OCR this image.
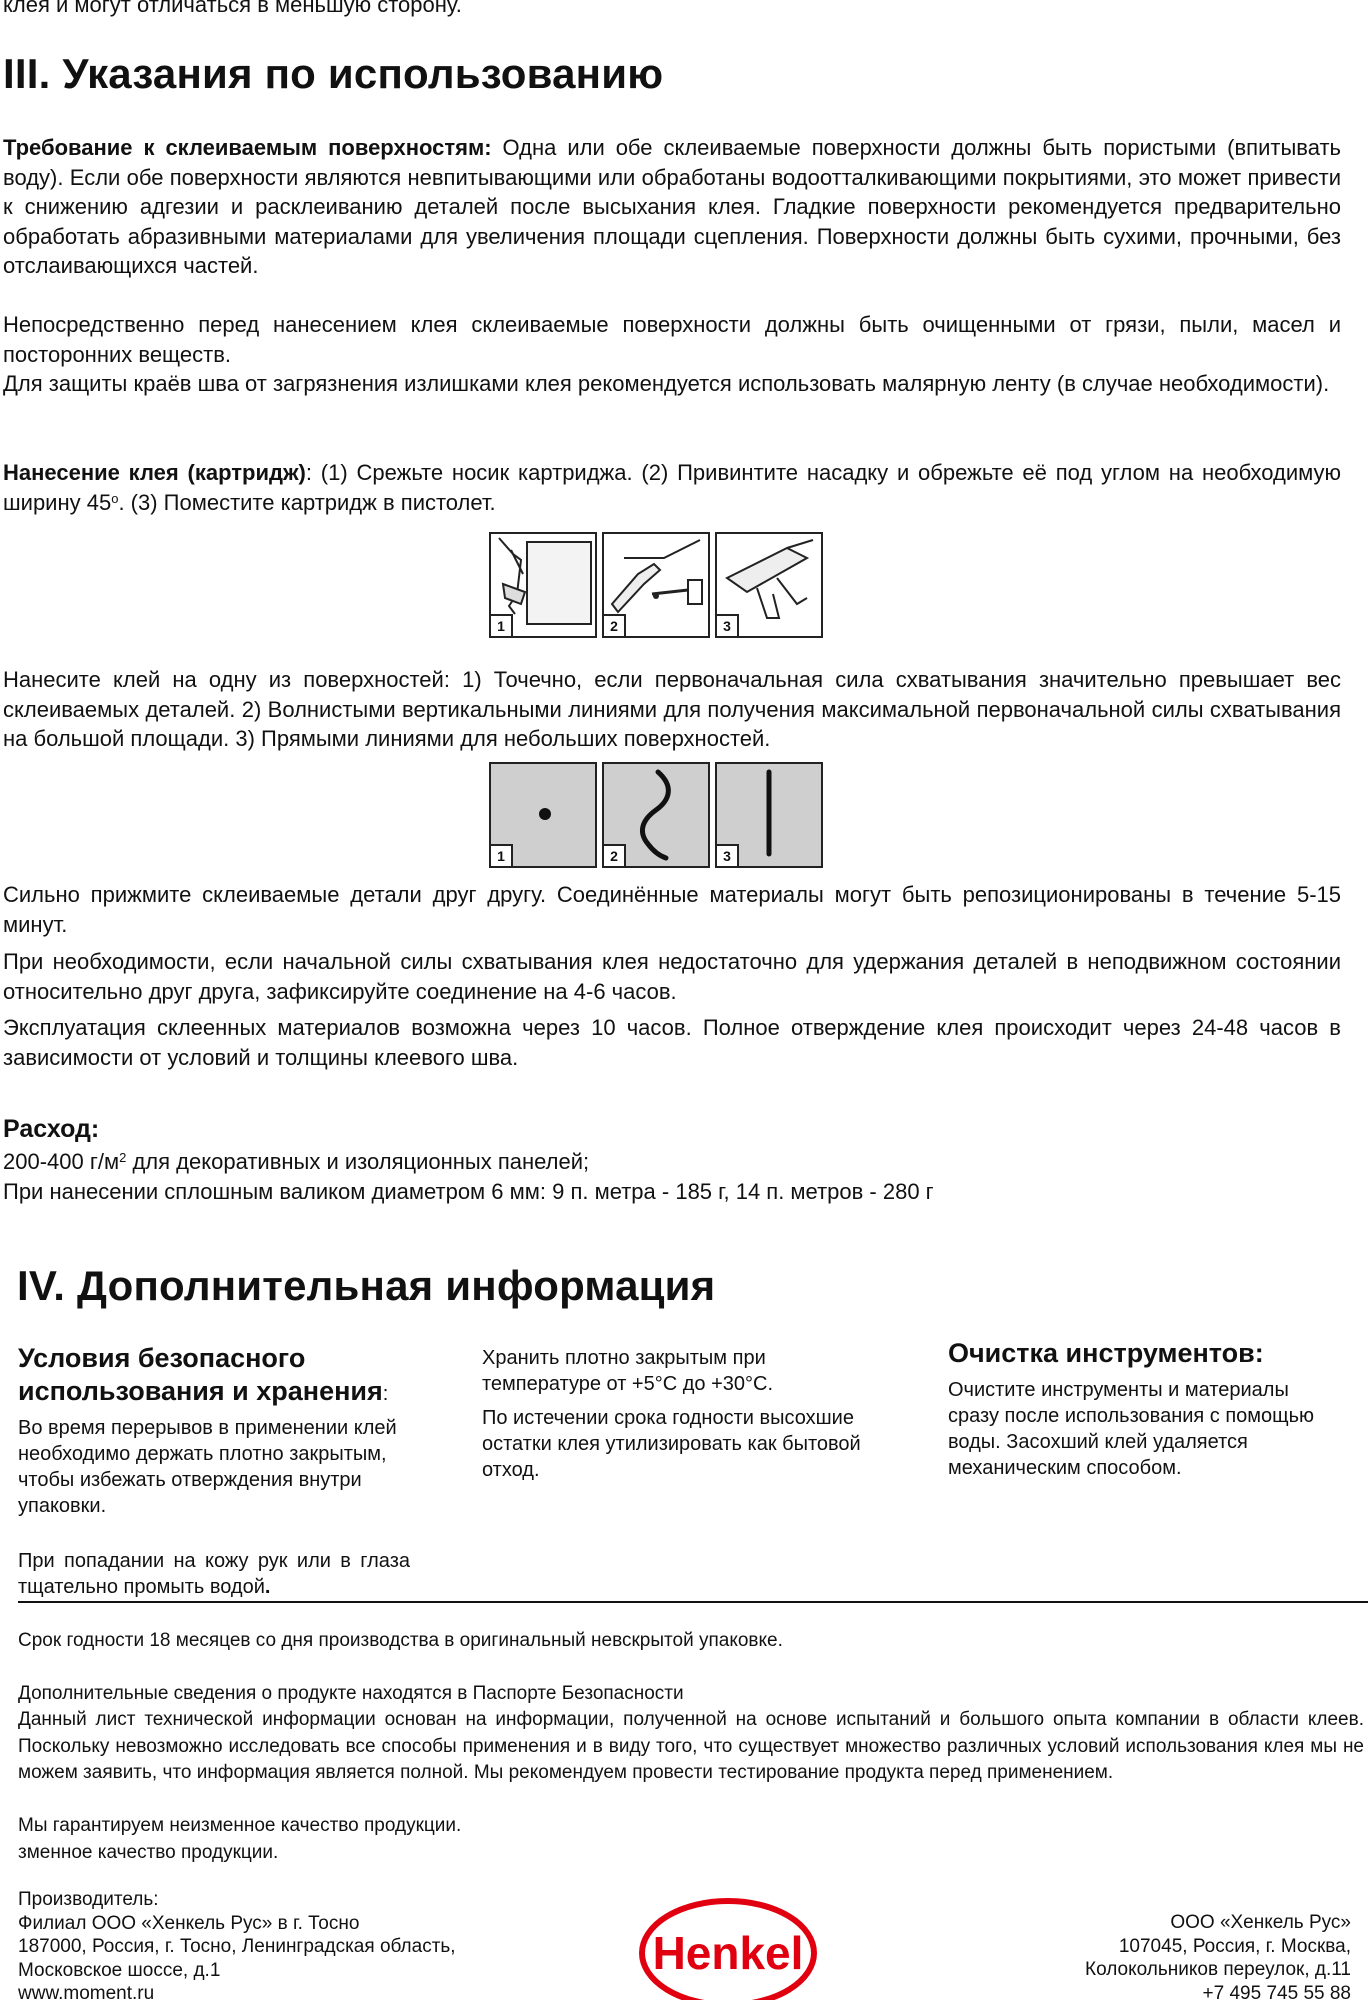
клея и могут отличаться в меньшую сторону.

III. Указания по использованию

Требование к склеиваемым поверхностям: Одна или обе склеиваемые поверхности должны быть пористыми (впитывать воду). Если обе поверхности являются невпитывающими или обработаны водоотталкивающими покрытиями, это может привести к снижению адгезии и расклеиванию деталей после высыхания клея. Гладкие поверхности рекомендуется предварительно обработать абразивными материалами для увеличения площади сцепления. Поверхности должны быть сухими, прочными, без отслаивающихся частей.

Непосредственно перед нанесением клея склеиваемые поверхности должны быть очищенными от грязи, пыли, масел и посторонних веществ.

Для защиты краёв шва от загрязнения излишками клея рекомендуется использовать малярную ленту (в случае необходимости).

Нанесение клея (картридж): (1) Срежьте носик картриджа. (2) Привинтите насадку и обрежьте её под углом на необходимую ширину 45$^o$. (3) Поместите картридж в пистолет.

1	2	3

Нанесите клей на одну из поверхностей: 1) Точечно, если первоначальная сила схватывания значительно превышает вес склеиваемых деталей. 2) Волнистыми вертикальными линиями для получения максимальной первоначальной силы схватывания на большой площади. 3) Прямыми линиями для небольших поверхностей.

1	2	3

Сильно прижмите склеиваемые детали друг другу. Соединённые материалы могут быть репозиционированы в течение 5-15 минут.

При необходимости, если начальной силы схватывания клея недостаточно для удержания деталей в неподвижном состоянии относительно друг друга, зафиксируйте соединение на 4-6 часов.

Эксплуатация склеенных материалов возможна через 10 часов. Полное отверждение клея происходит через 24-48 часов в зависимости от условий и толщины клеевого шва.

Расход:

200-400 $г/м^2$ для декоративных и изоляционных панелей;

При нанесении сплошным валиком диаметром 6 мм: 9 п. метра - 185 г, 14 п. метров - 280 г

IV. Дополнительная информация

Условия безопасного использования и хранения:

Во время перерывов в применении клей необходимо держать плотно закрытым, чтобы избежать отверждения внутри упаковки.

При попадании на кожу рук или в глаза тщательно промыть водой.

Хранить плотно закрытым при температуре от +5°C до +30°C.

По истечении срока годности высохшие остатки клея утилизировать как бытовой отход.

Очистка инструментов:

Очистите инструменты и материалы сразу после использования с помощью воды. Засохший клей удаляется механическим способом.

Срок годности 18 месяцев со дня производства в оригинальный невскрытой упаковке.

Дополнительные сведения о продукте находятся в Паспорте Безопасности

Данный лист технической информации основан на информации, полученной на основе испытаний и большого опыта компании в области клеев. Поскольку невозможно исследовать все способы применения и в виду того, что существует множество различных условий использования клея мы не можем заявить, что информация является полной. Мы рекомендуем провести тестирование продукта перед применением.

Мы гарантируем неизменное качество продукции.

зменное качество продукции.

Производитель:

Филиал ООО «Хенкель Рус» в г. Тосно

187000, Россия, г. Тосно, Ленинградская область,

Московское шоссе, д.1

www.moment.ru

Henkel

ООО «Хенкель Рус»

107045, Россия, г. Москва,

Колокольников переулок, д.11

+7 495 745 55 88
